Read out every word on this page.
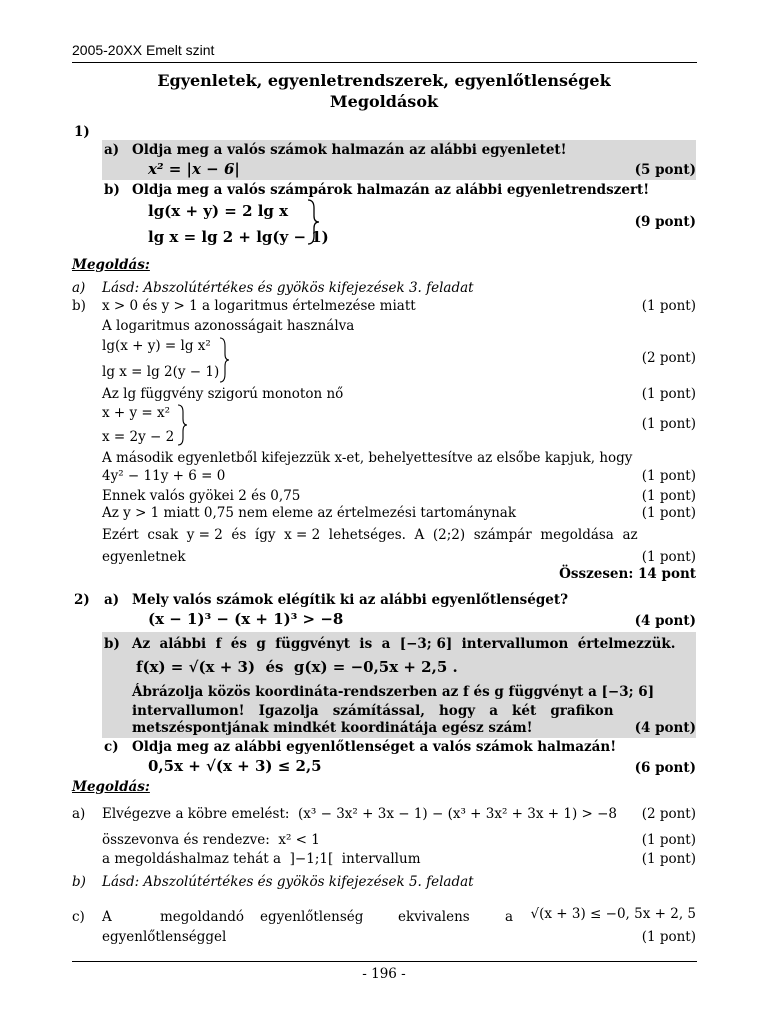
2005-20XX Emelt szint
Egyenletek, egyenletrendszerek, egyenlőtlenségek
Megoldások
1)
a) Oldja meg a valós számok halmazán az alábbi egyenletet!
x² = |x − 6|	(5 pont)
b) Oldja meg a valós számpárok halmazán az alábbi egyenletrendszert!
lg(x + y) = 2 lg x
lg x = lg 2 + lg(y − 1)
(9 pont)
Megoldás:
a) Lásd: Abszolútértékes és gyökös kifejezések 3. feladat
b) x > 0 és y > 1 a logaritmus értelmezése miatt	(1 pont)
A logaritmus azonosságait használva
lg(x + y) = lg x²
lg x = lg 2(y − 1)
(2 pont)
Az lg függvény szigorú monoton nő	(1 pont)
x + y = x²
x = 2y − 2
(1 pont)
A második egyenletből kifejezzük x-et, behelyettesítve az elsőbe kapjuk, hogy
4y² − 11y + 6 = 0	(1 pont)
Ennek valós gyökei 2 és 0,75	(1 pont)
Az y > 1 miatt 0,75 nem eleme az értelmezési tartománynak	(1 pont)
Ezért  csak  y = 2  és  így  x = 2  lehetséges.  A  (2;2)  számpár  megoldása  az
egyenletnek	(1 pont)
Összesen: 14 pont
2) a) Mely valós számok elégítik ki az alábbi egyenlőtlenséget?
(x − 1)³ − (x + 1)³ > −8	(4 pont)
b) Az  alábbi  f  és  g  függvényt  is  a  [−3; 6]  intervallumon  értelmezzük.
f(x) = √(x + 3)  és  g(x) = −0,5x + 2,5 .
Ábrázolja közös koordináta-rendszerben az f és g függvényt a [−3; 6]
intervallumon!   Igazolja   számítással,   hogy   a   két   grafikon
metszéspontjának mindkét koordinátája egész szám!	(4 pont)
c) Oldja meg az alábbi egyenlőtlenséget a valós számok halmazán!
0,5x + √(x + 3) ≤ 2,5	(6 pont)
Megoldás:
a) Elvégezve a köbre emelést:  (x³ − 3x² + 3x − 1) − (x³ + 3x² + 3x + 1) > −8 (2 pont)
összevonva és rendezve:  x² < 1	(1 pont)
a megoldáshalmaz tehát a  ]−1;1[  intervallum	(1 pont)
b) Lásd: Abszolútértékes és gyökös kifejezések 5. feladat
c) A	megoldandó egyenlőtlenség	ekvivalens	a √(x + 3) ≤ −0, 5x + 2, 5
egyenlőtlenséggel	(1 pont)
- 196 -
